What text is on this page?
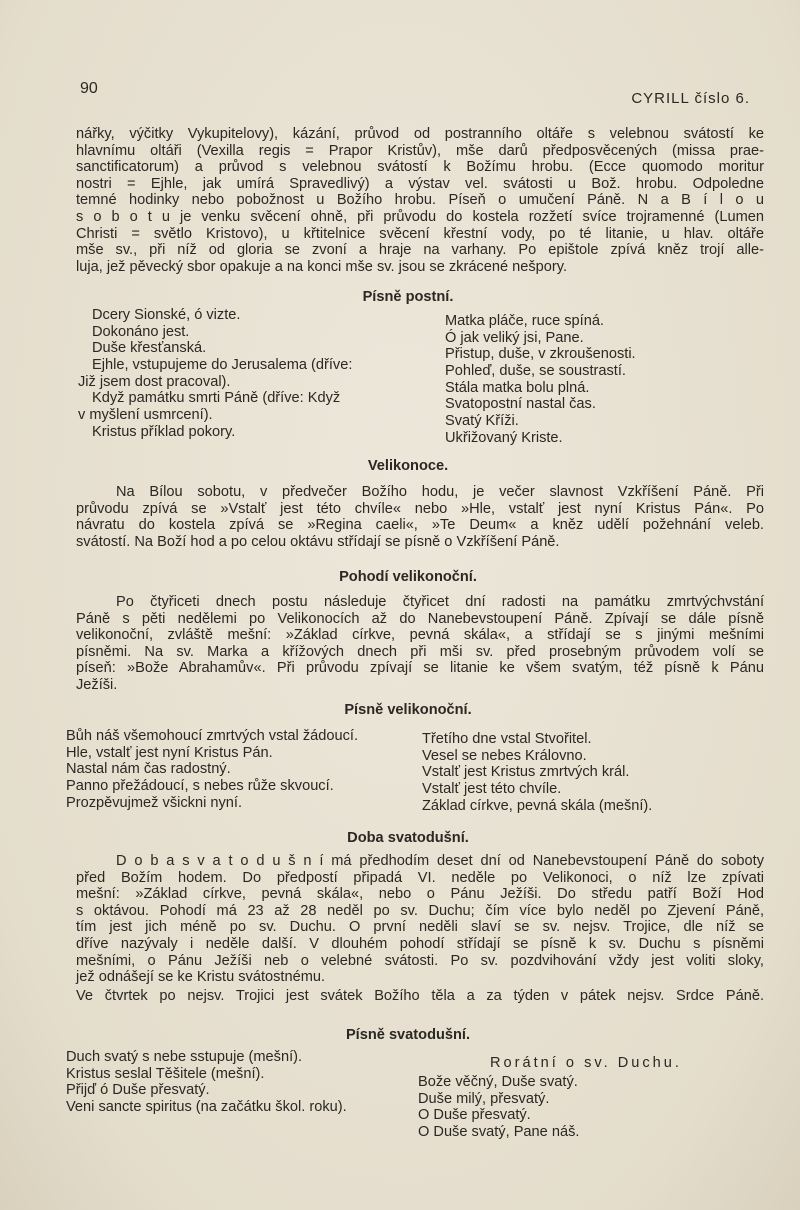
90
CYRILL číslo 6.
nářky, výčitky Vykupitelovy), kázání, průvod od postranního oltáře s velebnou svátostí ke
hlavnímu oltáři (Vexilla regis = Prapor Kristův), mše darů předposvěcených (missa prae-
sanctificatorum) a průvod s velebnou svátostí k Božímu hrobu. (Ecce quomodo moritur
nostri = Ejhle, jak umírá Spravedlivý) a výstav vel. svátosti u Bož. hrobu. Odpoledne
temné hodinky nebo pobožnost u Božího hrobu. Píseň o umučení Páně. N a B í l o u
s o b o t u je venku svěcení ohně, při průvodu do kostela rozžetí svíce trojramenné (Lumen
Christi = světlo Kristovo), u křtitelnice svěcení křestní vody, po té litanie, u hlav. oltáře
mše sv., při níž od gloria se zvoní a hraje na varhany. Po epištole zpívá kněz trojí alle-
luja, jež pěvecký sbor opakuje a na konci mše sv. jsou se zkrácené nešpory.
Písně postní.
Dcery Sionské, ó vizte.
Dokonáno jest.
Duše křesťanská.
Ejhle, vstupujeme do Jerusalema (dříve:
Již jsem dost pracoval).
Když památku smrti Páně (dříve: Když
v myšlení usmrcení).
Kristus příklad pokory.
Matka pláče, ruce spíná.
Ó jak veliký jsi, Pane.
Přistup, duše, v zkroušenosti.
Pohleď, duše, se soustrastí.
Stála matka bolu plná.
Svatopostní nastal čas.
Svatý Kříži.
Ukřižovaný Kriste.
Velikonoce.
Na Bílou sobotu, v předvečer Božího hodu, je večer slavnost Vzkříšení Páně. Při
průvodu zpívá se »Vstalť jest této chvíle« nebo »Hle, vstalť jest nyní Kristus Pán«. Po
návratu do kostela zpívá se »Regina caeli«, »Te Deum« a kněz udělí požehnání veleb.
svátostí. Na Boží hod a po celou oktávu střídají se písně o Vzkříšení Páně.
Pohodí velikonoční.
Po čtyřiceti dnech postu následuje čtyřicet dní radosti na památku zmrtvýchvstání
Páně s pěti nedělemi po Velikonocích až do Nanebevstoupení Páně. Zpívají se dále písně
velikonoční, zvláště mešní: »Základ církve, pevná skála«, a střídají se s jinými mešními
písněmi. Na sv. Marka a křížových dnech při mši sv. před prosebným průvodem volí se
píseň: »Bože Abrahamův«. Při průvodu zpívají se litanie ke všem svatým, též písně k Pánu
Ježíši.
Písně velikonoční.
Bůh náš všemohoucí zmrtvých vstal žádoucí.
Hle, vstalť jest nyní Kristus Pán.
Nastal nám čas radostný.
Panno přežádoucí, s nebes růže skvoucí.
Prozpěvujmež všickni nyní.
Třetího dne vstal Stvořitel.
Vesel se nebes Královno.
Vstalť jest Kristus zmrtvých král.
Vstalť jest této chvíle.
Základ církve, pevná skála (mešní).
Doba svatodušní.
D o b a s v a t o d u š n í má předhodím deset dní od Nanebevstoupení Páně do soboty
před Božím hodem. Do předpostí připadá VI. neděle po Velikonoci, o níž lze zpívati
mešní: »Základ církve, pevná skála«, nebo o Pánu Ježíši. Do středu patří Boží Hod
s oktávou. Pohodí má 23 až 28 neděl po sv. Duchu; čím více bylo neděl po Zjevení Páně,
tím jest jich méně po sv. Duchu. O první neděli slaví se sv. nejsv. Trojice, dle níž se
dříve nazývaly i neděle další. V dlouhém pohodí střídají se písně k sv. Duchu s písněmi
mešními, o Pánu Ježíši neb o velebné svátosti. Po sv. pozdvihování vždy jest voliti sloky,
jež odnášejí se ke Kristu svátostnému.
Ve čtvrtek po nejsv. Trojici jest svátek Božího těla a za týden v pátek nejsv. Srdce Páně.
Písně svatodušní.
Duch svatý s nebe sstupuje (mešní).
Kristus seslal Těšitele (mešní).
Přijď ó Duše přesvatý.
Veni sancte spiritus (na začátku škol. roku).
Rorátní o sv. Duchu.
Bože věčný, Duše svatý.
Duše milý, přesvatý.
O Duše přesvatý.
O Duše svatý, Pane náš.
